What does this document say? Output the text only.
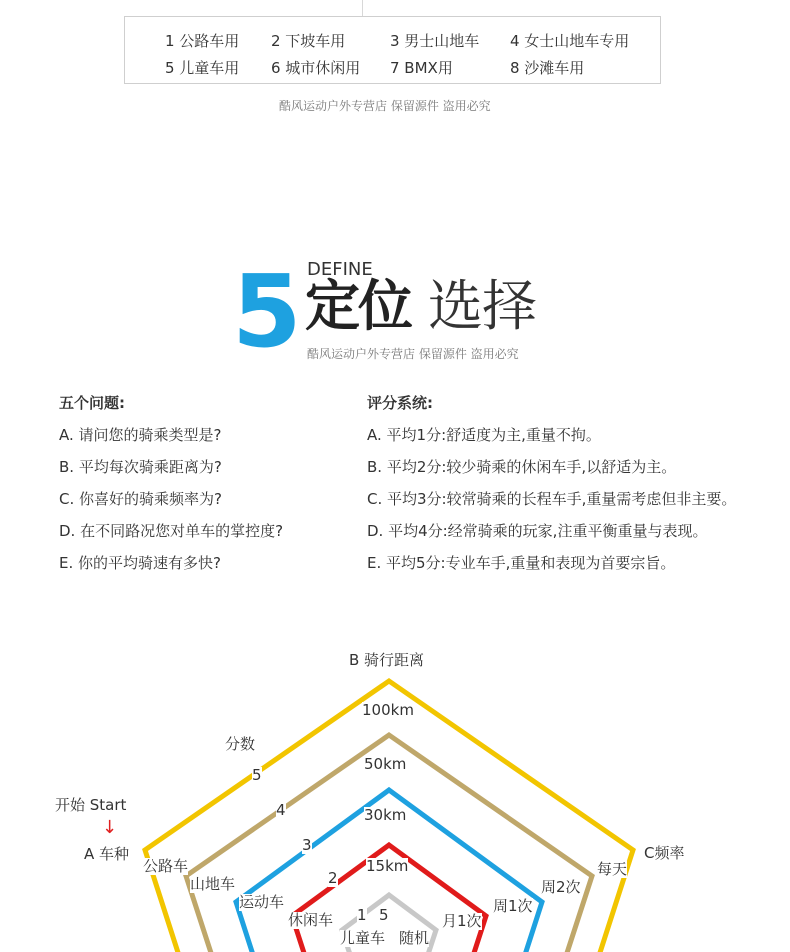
1 公路车用 2 下坡车用	3 男士山地车 4 女士山地车专用
5 儿童车用 6 城市休闲用 7 BMX用	8 沙滩车用
酷风运动户外专营店 保留源件 盗用必究
5 DEFINE
定位 选择
酷风运动户外专营店 保留源件 盗用必究
五个问题:
A. 请问您的骑乘类型是?
B. 平均每次骑乘距离为?
C. 你喜好的骑乘频率为?
D. 在不同路况您对单车的掌控度?
E. 你的平均骑速有多快?
评分系统:
A. 平均1分:舒适度为主,重量不拘。
B. 平均2分:较少骑乘的休闲车手,以舒适为主。
C. 平均3分:较常骑乘的长程车手,重量需考虑但非主要。
D. 平均4分:经常骑乘的玩家,注重平衡重量与表现。
E. 平均5分:专业车手,重量和表现为首要宗旨。
B 骑行距离
C频率
A 车种
开始 Start
↓
分数
5
4
3
2
1 5
100km
50km
30km
15km
公路车
山地车
运动车
休闲车
儿童车
每天
周2次
周1次
月1次
随机
